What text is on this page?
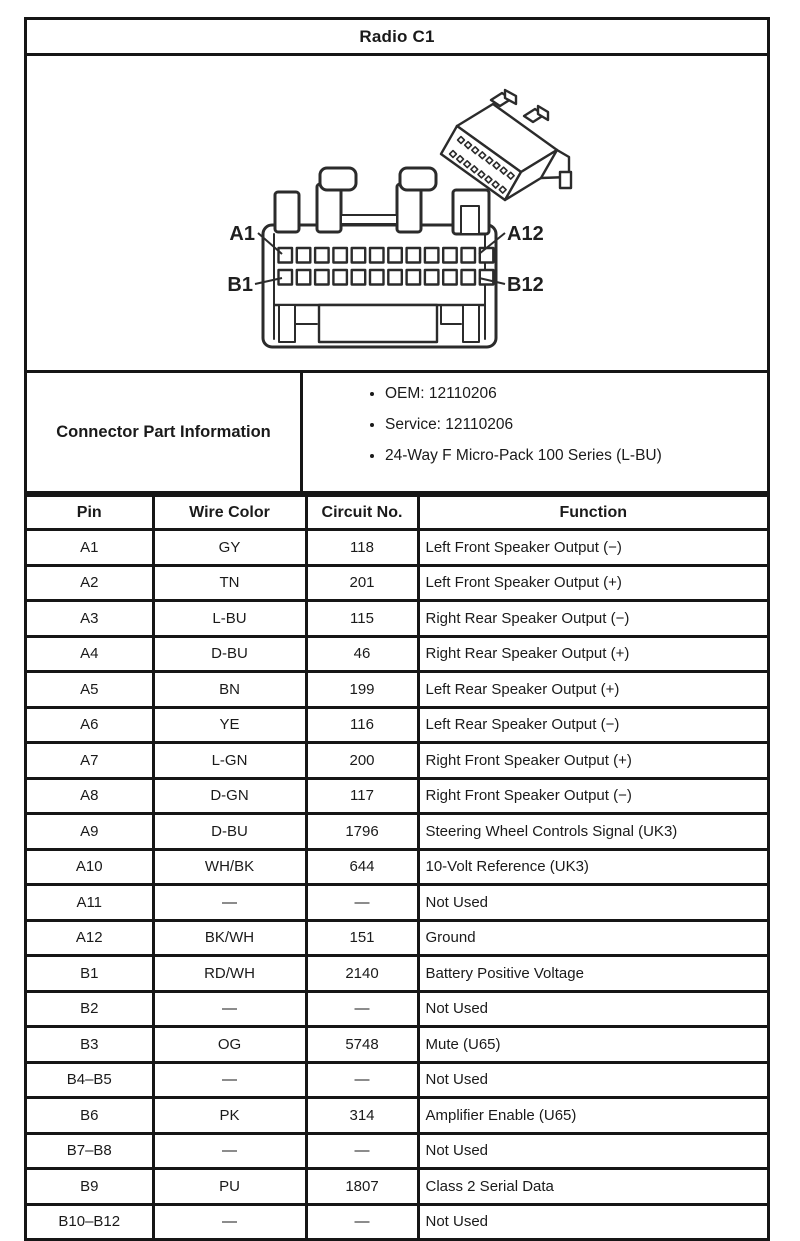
Radio C1
A1	A12
B1	B12
Connector Part Information
• OEM: 12110206
• Service: 12110206
• 24-Way F Micro-Pack 100 Series (L-BU)
Pin	Wire Color	Circuit No.	Function
A1	GY	118	Left Front Speaker Output (−)
A2	TN	201	Left Front Speaker Output (+)
A3	L-BU	115	Right Rear Speaker Output (−)
A4	D-BU	46	Right Rear Speaker Output (+)
A5	BN	199	Left Rear Speaker Output (+)
A6	YE	116	Left Rear Speaker Output (−)
A7	L-GN	200	Right Front Speaker Output (+)
A8	D-GN	117	Right Front Speaker Output (−)
A9	D-BU	1796	Steering Wheel Controls Signal (UK3)
A10	WH/BK	644	10-Volt Reference (UK3)
A11	—	—	Not Used
A12	BK/WH	151	Ground
B1	RD/WH	2140	Battery Positive Voltage
B2	—	—	Not Used
B3	OG	5748	Mute (U65)
B4–B5	—	—	Not Used
B6	PK	314	Amplifier Enable (U65)
B7–B8	—	—	Not Used
B9	PU	1807	Class 2 Serial Data
B10–B12	—	—	Not Used
